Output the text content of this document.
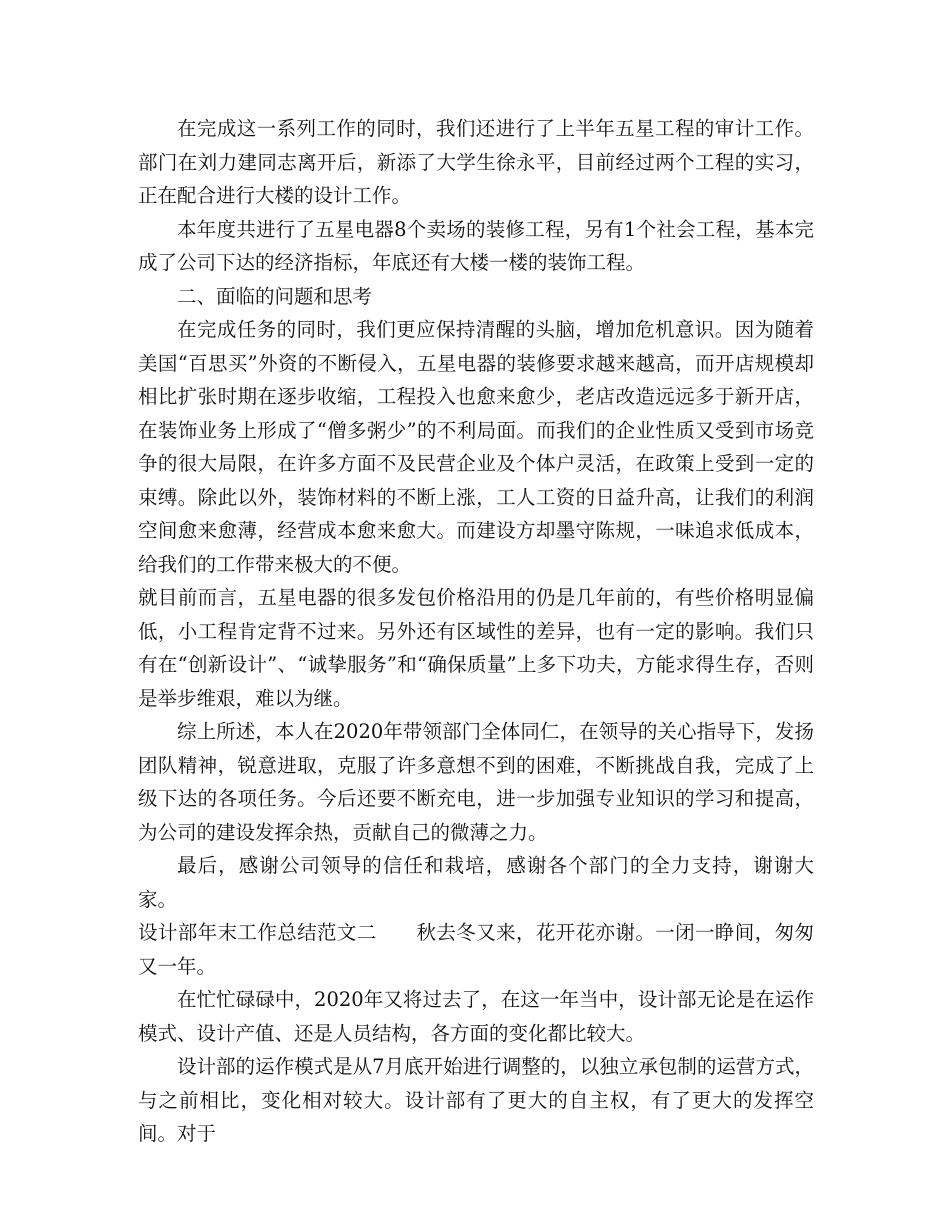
在完成这一系列工作的同时，我们还进行了上半年五星工程的审计工作。部门在刘力建同志离开后，新添了大学生徐永平，目前经过两个工程的实习，正在配合进行大楼的设计工作。

本年度共进行了五星电器8个卖场的装修工程，另有1个社会工程，基本完成了公司下达的经济指标，年底还有大楼一楼的装饰工程。

二、面临的问题和思考

在完成任务的同时，我们更应保持清醒的头脑，增加危机意识。因为随着美国“百思买”外资的不断侵入，五星电器的装修要求越来越高，而开店规模却相比扩张时期在逐步收缩，工程投入也愈来愈少，老店改造远远多于新开店，在装饰业务上形成了“僧多粥少”的不利局面。而我们的企业性质又受到市场竞争的很大局限，在许多方面不及民营企业及个体户灵活，在政策上受到一定的束缚。除此以外，装饰材料的不断上涨，工人工资的日益升高，让我们的利润空间愈来愈薄，经营成本愈来愈大。而建设方却墨守陈规，一味追求低成本，给我们的工作带来极大的不便。

就目前而言，五星电器的很多发包价格沿用的仍是几年前的，有些价格明显偏低，小工程肯定背不过来。另外还有区域性的差异，也有一定的影响。我们只有在“创新设计”、“诚挚服务”和“确保质量”上多下功夫，方能求得生存，否则是举步维艰，难以为继。

综上所述，本人在2020年带领部门全体同仁，在领导的关心指导下，发扬团队精神，锐意进取，克服了许多意想不到的困难，不断挑战自我，完成了上级下达的各项任务。今后还要不断充电，进一步加强专业知识的学习和提高，为公司的建设发挥余热，贡献自己的微薄之力。

最后，感谢公司领导的信任和栽培，感谢各个部门的全力支持，谢谢大家。

设计部年末工作总结范文二　　秋去冬又来，花开花亦谢。一闭一睁间，匆匆又一年。

在忙忙碌碌中，2020年又将过去了，在这一年当中，设计部无论是在运作模式、设计产值、还是人员结构，各方面的变化都比较大。

设计部的运作模式是从7月底开始进行调整的，以独立承包制的运营方式，与之前相比，变化相对较大。设计部有了更大的自主权，有了更大的发挥空间。对于
